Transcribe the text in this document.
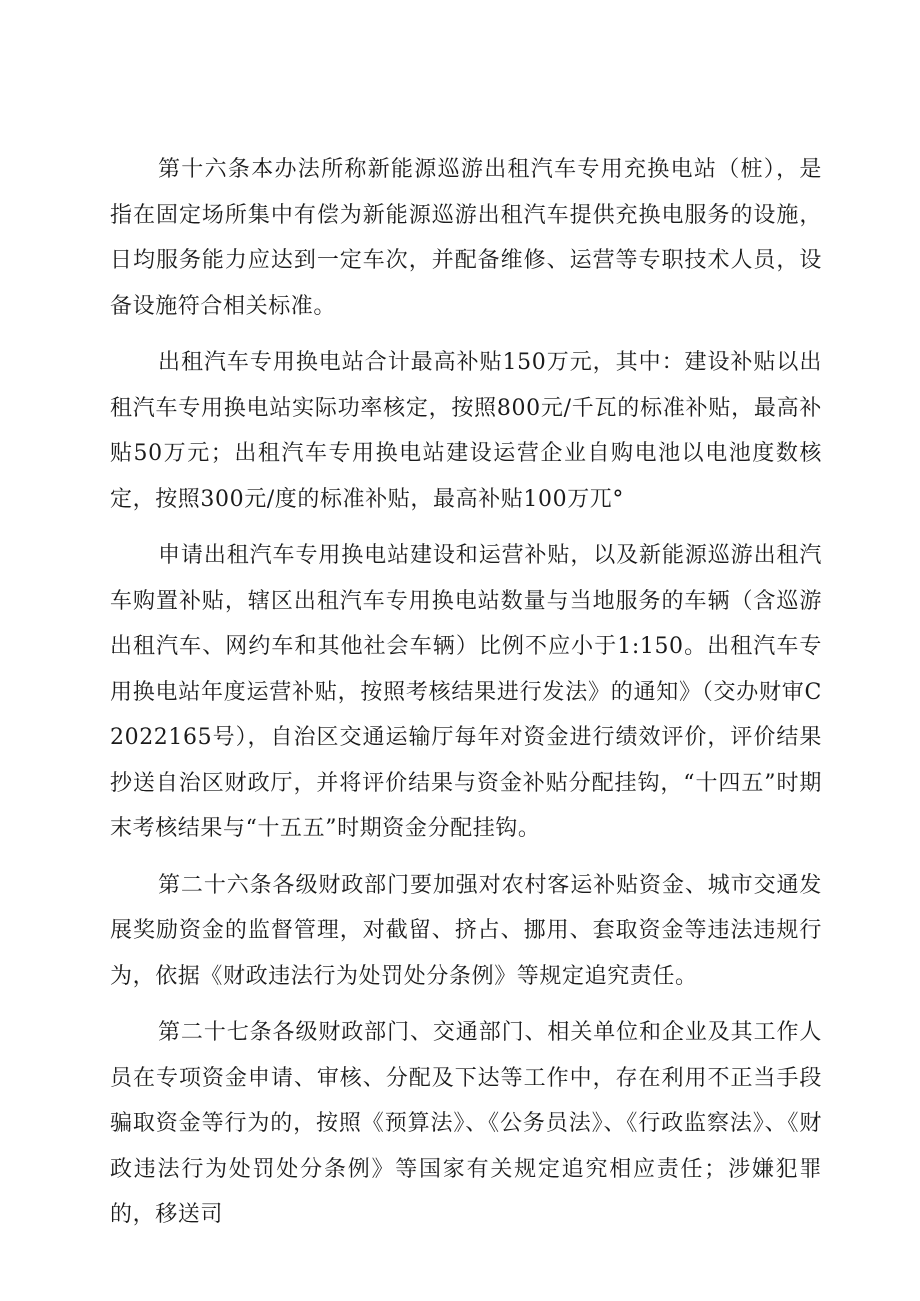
第十六条本办法所称新能源巡游出租汽车专用充换电站（桩），是指在固定场所集中有偿为新能源巡游出租汽车提供充换电服务的设施，日均服务能力应达到一定车次，并配备维修、运营等专职技术人员，设备设施符合相关标准。

出租汽车专用换电站合计最高补贴150万元，其中：建设补贴以出租汽车专用换电站实际功率核定，按照800元/千瓦的标准补贴，最高补贴50万元；出租汽车专用换电站建设运营企业自购电池以电池度数核定，按照300元/度的标准补贴，最高补贴100万兀°

申请出租汽车专用换电站建设和运营补贴，以及新能源巡游出租汽车购置补贴，辖区出租汽车专用换电站数量与当地服务的车辆（含巡游出租汽车、网约车和其他社会车辆）比例不应小于1:150。出租汽车专用换电站年度运营补贴，按照考核结果进行发法》的通知》（交办财审C2022165号），自治区交通运输厅每年对资金进行绩效评价，评价结果抄送自治区财政厅，并将评价结果与资金补贴分配挂钩，“十四五”时期末考核结果与“十五五”时期资金分配挂钩。

第二十六条各级财政部门要加强对农村客运补贴资金、城市交通发展奖励资金的监督管理，对截留、挤占、挪用、套取资金等违法违规行为，依据《财政违法行为处罚处分条例》等规定追究责任。

第二十七条各级财政部门、交通部门、相关单位和企业及其工作人员在专项资金申请、审核、分配及下达等工作中，存在利用不正当手段骗取资金等行为的，按照《预算法》、《公务员法》、《行政监察法》、《财政违法行为处罚处分条例》等国家有关规定追究相应责任；涉嫌犯罪的，移送司
